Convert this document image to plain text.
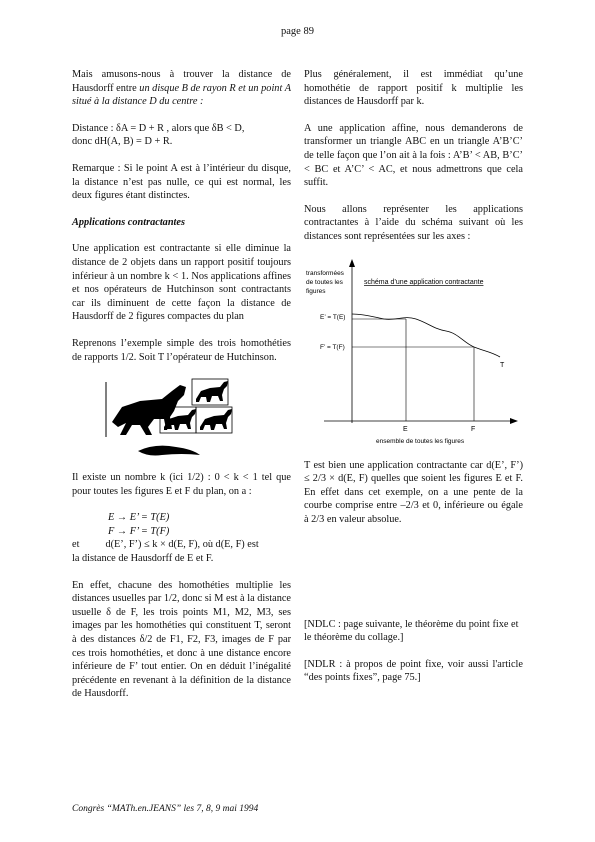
page 89

Mais amusons-nous à trouver la distance de Hausdorff entre un disque B de rayon R et un point A situé à la distance D du centre :

Distance : δA = D + R , alors que δB < D,
donc dH(A, B) = D + R.

Remarque : Si le point A est à l’intérieur du disque, la distance n’est pas nulle, ce qui est normal, les deux figures étant distinctes.

Applications contractantes

Une application est contractante si elle diminue la distance de 2 objets dans un rapport positif toujours inférieur à un nombre k < 1. Nos applications affines et nos opérateurs de Hutchinson sont contractants car ils diminuent de cette façon la distance de Hausdorff de 2 figures compactes du plan

Reprenons l’exemple simple des trois homothéties de rapports 1/2. Soit T l’opérateur de Hutchinson.

Il existe un nombre k (ici 1/2) : 0 < k < 1 tel que pour toutes les figures E et F du plan, on a :

E → E’ = T(E)
F → F’ = T(F)
et	d(E’, F’) ≤ k × d(E, F), où d(E, F) est
la distance de Hausdorff de E et F.

En effet, chacune des homothéties multiplie les distances usuelles par 1/2, donc si M est à la distance usuelle δ de F, les trois points M1, M2, M3, ses images par les homothéties qui constituent T, seront à des distances δ/2 de F1, F2, F3, images de F par ces trois homothéties, et donc à une distance encore inférieure de F’ tout entier. On en déduit l’inégalité précédente en revenant à la définition de la distance de Hausdorff.

Plus généralement, il est immédiat qu’une homothétie de rapport positif k multiplie les distances de Hausdorff par k.

A une application affine, nous demanderons de transformer un triangle ABC en un triangle A’B’C’ de telle façon que l’on ait à la fois : A’B’ < AB, B’C’ < BC et A’C’ < AC, et nous admettrons que cela suffit.

Nous allons représenter les applications contractantes à l’aide du schéma suivant où les distances sont représentées sur les axes :

transformées
de toutes les
figures
schéma d’une application contractante
E’ = T(E)
F’ = T(F)
T
E	F
ensemble de toutes les figures

T est bien une application contractante car d(E’, F’) ≤ 2/3 × d(E, F) quelles que soient les figures E et F. En effet dans cet exemple, on a une pente de la courbe comprise entre –2/3 et 0, inférieure ou égale à 2/3 en valeur absolue.

[NDLC : page suivante, le théorème du point fixe et le théorème du collage.]

[NDLR : à propos de point fixe, voir aussi l'article “des points fixes”, page 75.]

Congrès “MATh.en.JEANS” les 7, 8, 9 mai 1994
